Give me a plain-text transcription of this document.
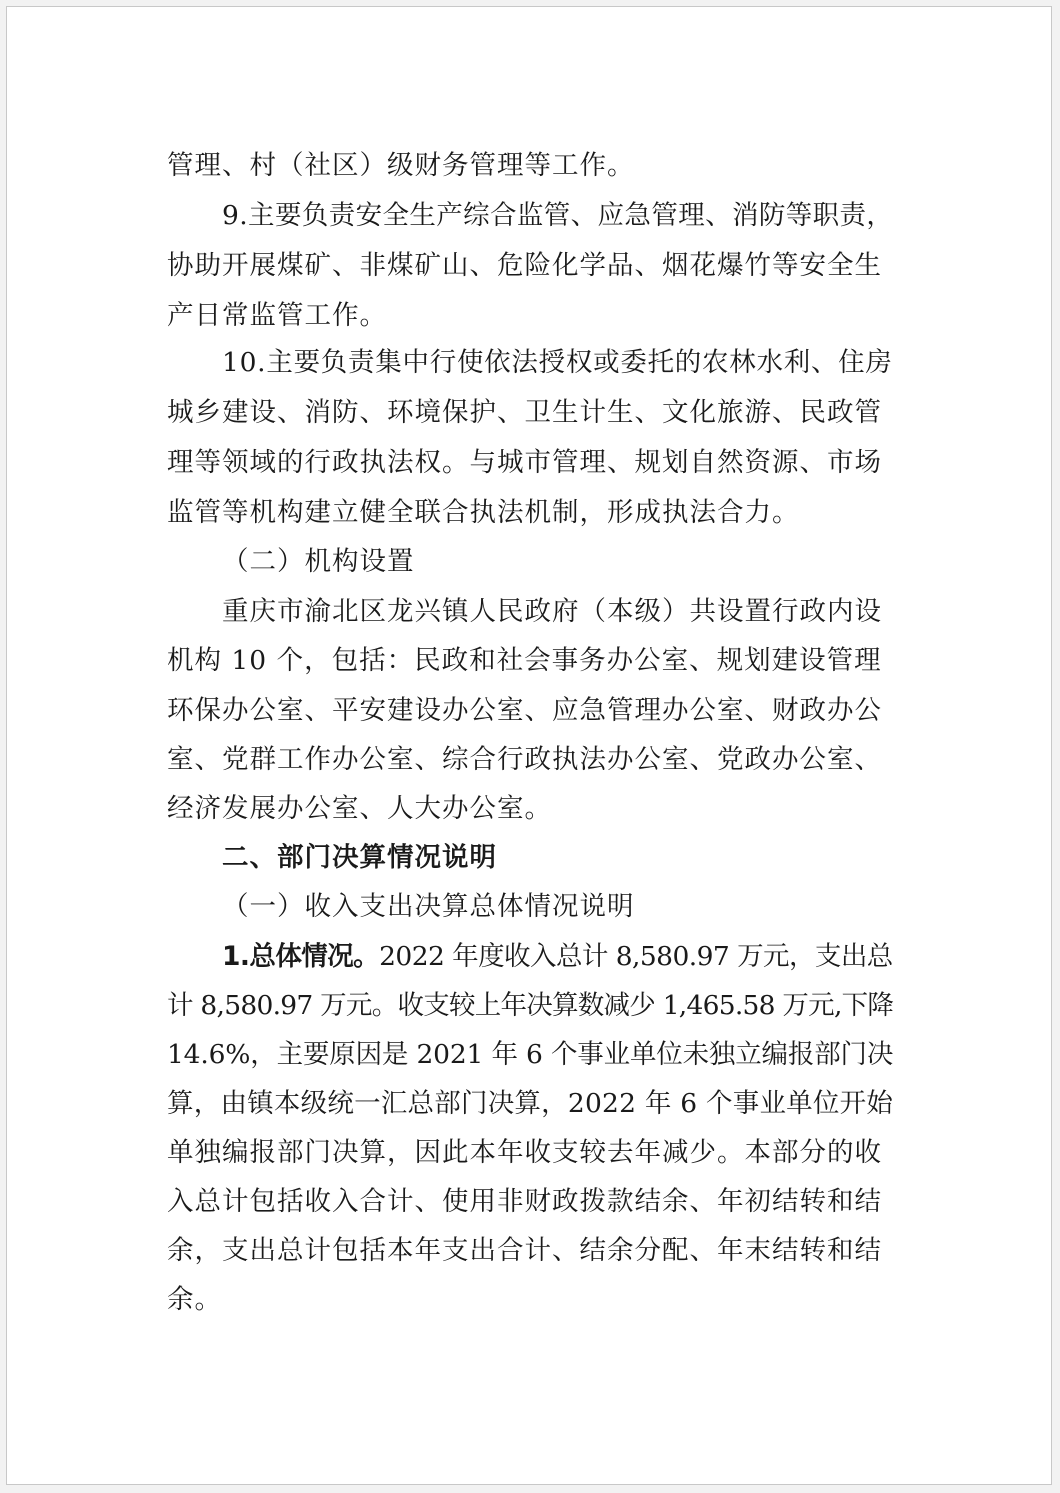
管理、村（社区）级财务管理等工作。

9.主要负责安全生产综合监管、应急管理、消防等职责，

协助开展煤矿、非煤矿山、危险化学品、烟花爆竹等安全生

产日常监管工作。

10.主要负责集中行使依法授权或委托的农林水利、住房

城乡建设、消防、环境保护、卫生计生、文化旅游、民政管

理等领域的行政执法权。与城市管理、规划自然资源、市场

监管等机构建立健全联合执法机制，形成执法合力。

（二）机构设置

重庆市渝北区龙兴镇人民政府（本级）共设置行政内设

机构 10 个，包括：民政和社会事务办公室、规划建设管理

环保办公室、平安建设办公室、应急管理办公室、财政办公

室、党群工作办公室、综合行政执法办公室、党政办公室、

经济发展办公室、人大办公室。

二、部门决算情况说明

（一）收入支出决算总体情况说明

1.总体情况。2022 年度收入总计 8,580.97 万元，支出总

计 8,580.97 万元。收支较上年决算数减少 1,465.58 万元,下降

14.6%，主要原因是 2021 年 6 个事业单位未独立编报部门决

算，由镇本级统一汇总部门决算，2022 年 6 个事业单位开始

单独编报部门决算，因此本年收支较去年减少。本部分的收

入总计包括收入合计、使用非财政拨款结余、年初结转和结

余，支出总计包括本年支出合计、结余分配、年末结转和结

余。
